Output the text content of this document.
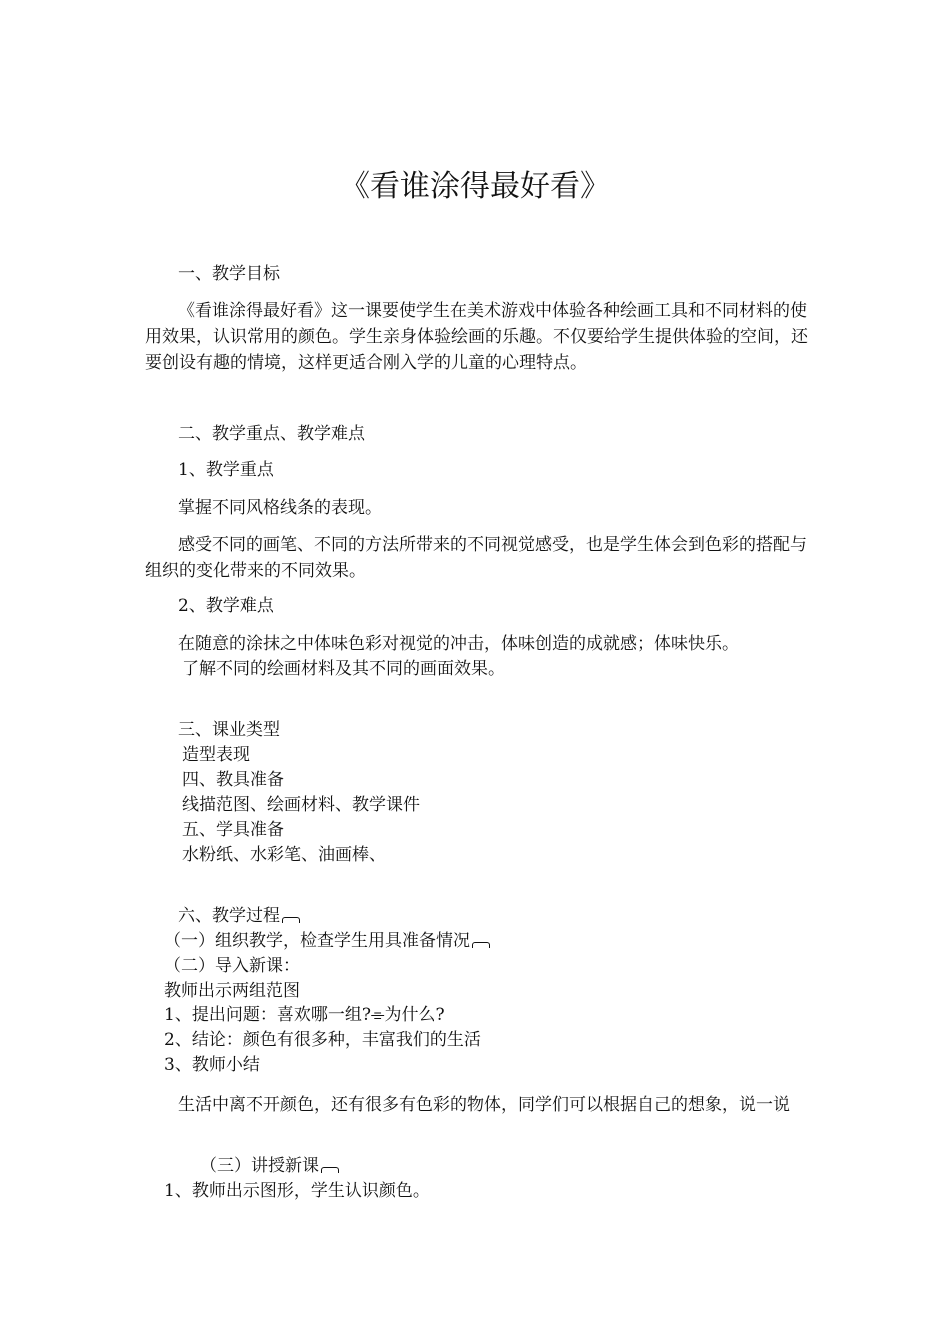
《看谁涂得最好看》
一、教学目标
《看谁涂得最好看》这一课要使学生在美术游戏中体验各种绘画工具和不同材料的使用效果，认识常用的颜色。学生亲身体验绘画的乐趣。不仅要给学生提供体验的空间，还要创设有趣的情境，这样更适合刚入学的儿童的心理特点。
二、教学重点、教学难点
1、教学重点
掌握不同风格线条的表现。
感受不同的画笔、不同的方法所带来的不同视觉感受，也是学生体会到色彩的搭配与组织的变化带来的不同效果。
2、教学难点
在随意的涂抹之中体味色彩对视觉的冲击，体味创造的成就感；体味快乐。
了解不同的绘画材料及其不同的画面效果。
三、课业类型
造型表现
四、教具准备
线描范图、绘画材料、教学课件
五、学具准备
水粉纸、水彩笔、油画棒、
六、教学过程
（一）组织教学，检查学生用具准备情况
（二）导入新课：
教师出示两组范图
1、提出问题：喜欢哪一组?⌯为什么?
2、结论：颜色有很多种，丰富我们的生活
3、教师小结
生活中离不开颜色，还有很多有色彩的物体，同学们可以根据自己的想象，说一说
（三）讲授新课
1、教师出示图形，学生认识颜色。
